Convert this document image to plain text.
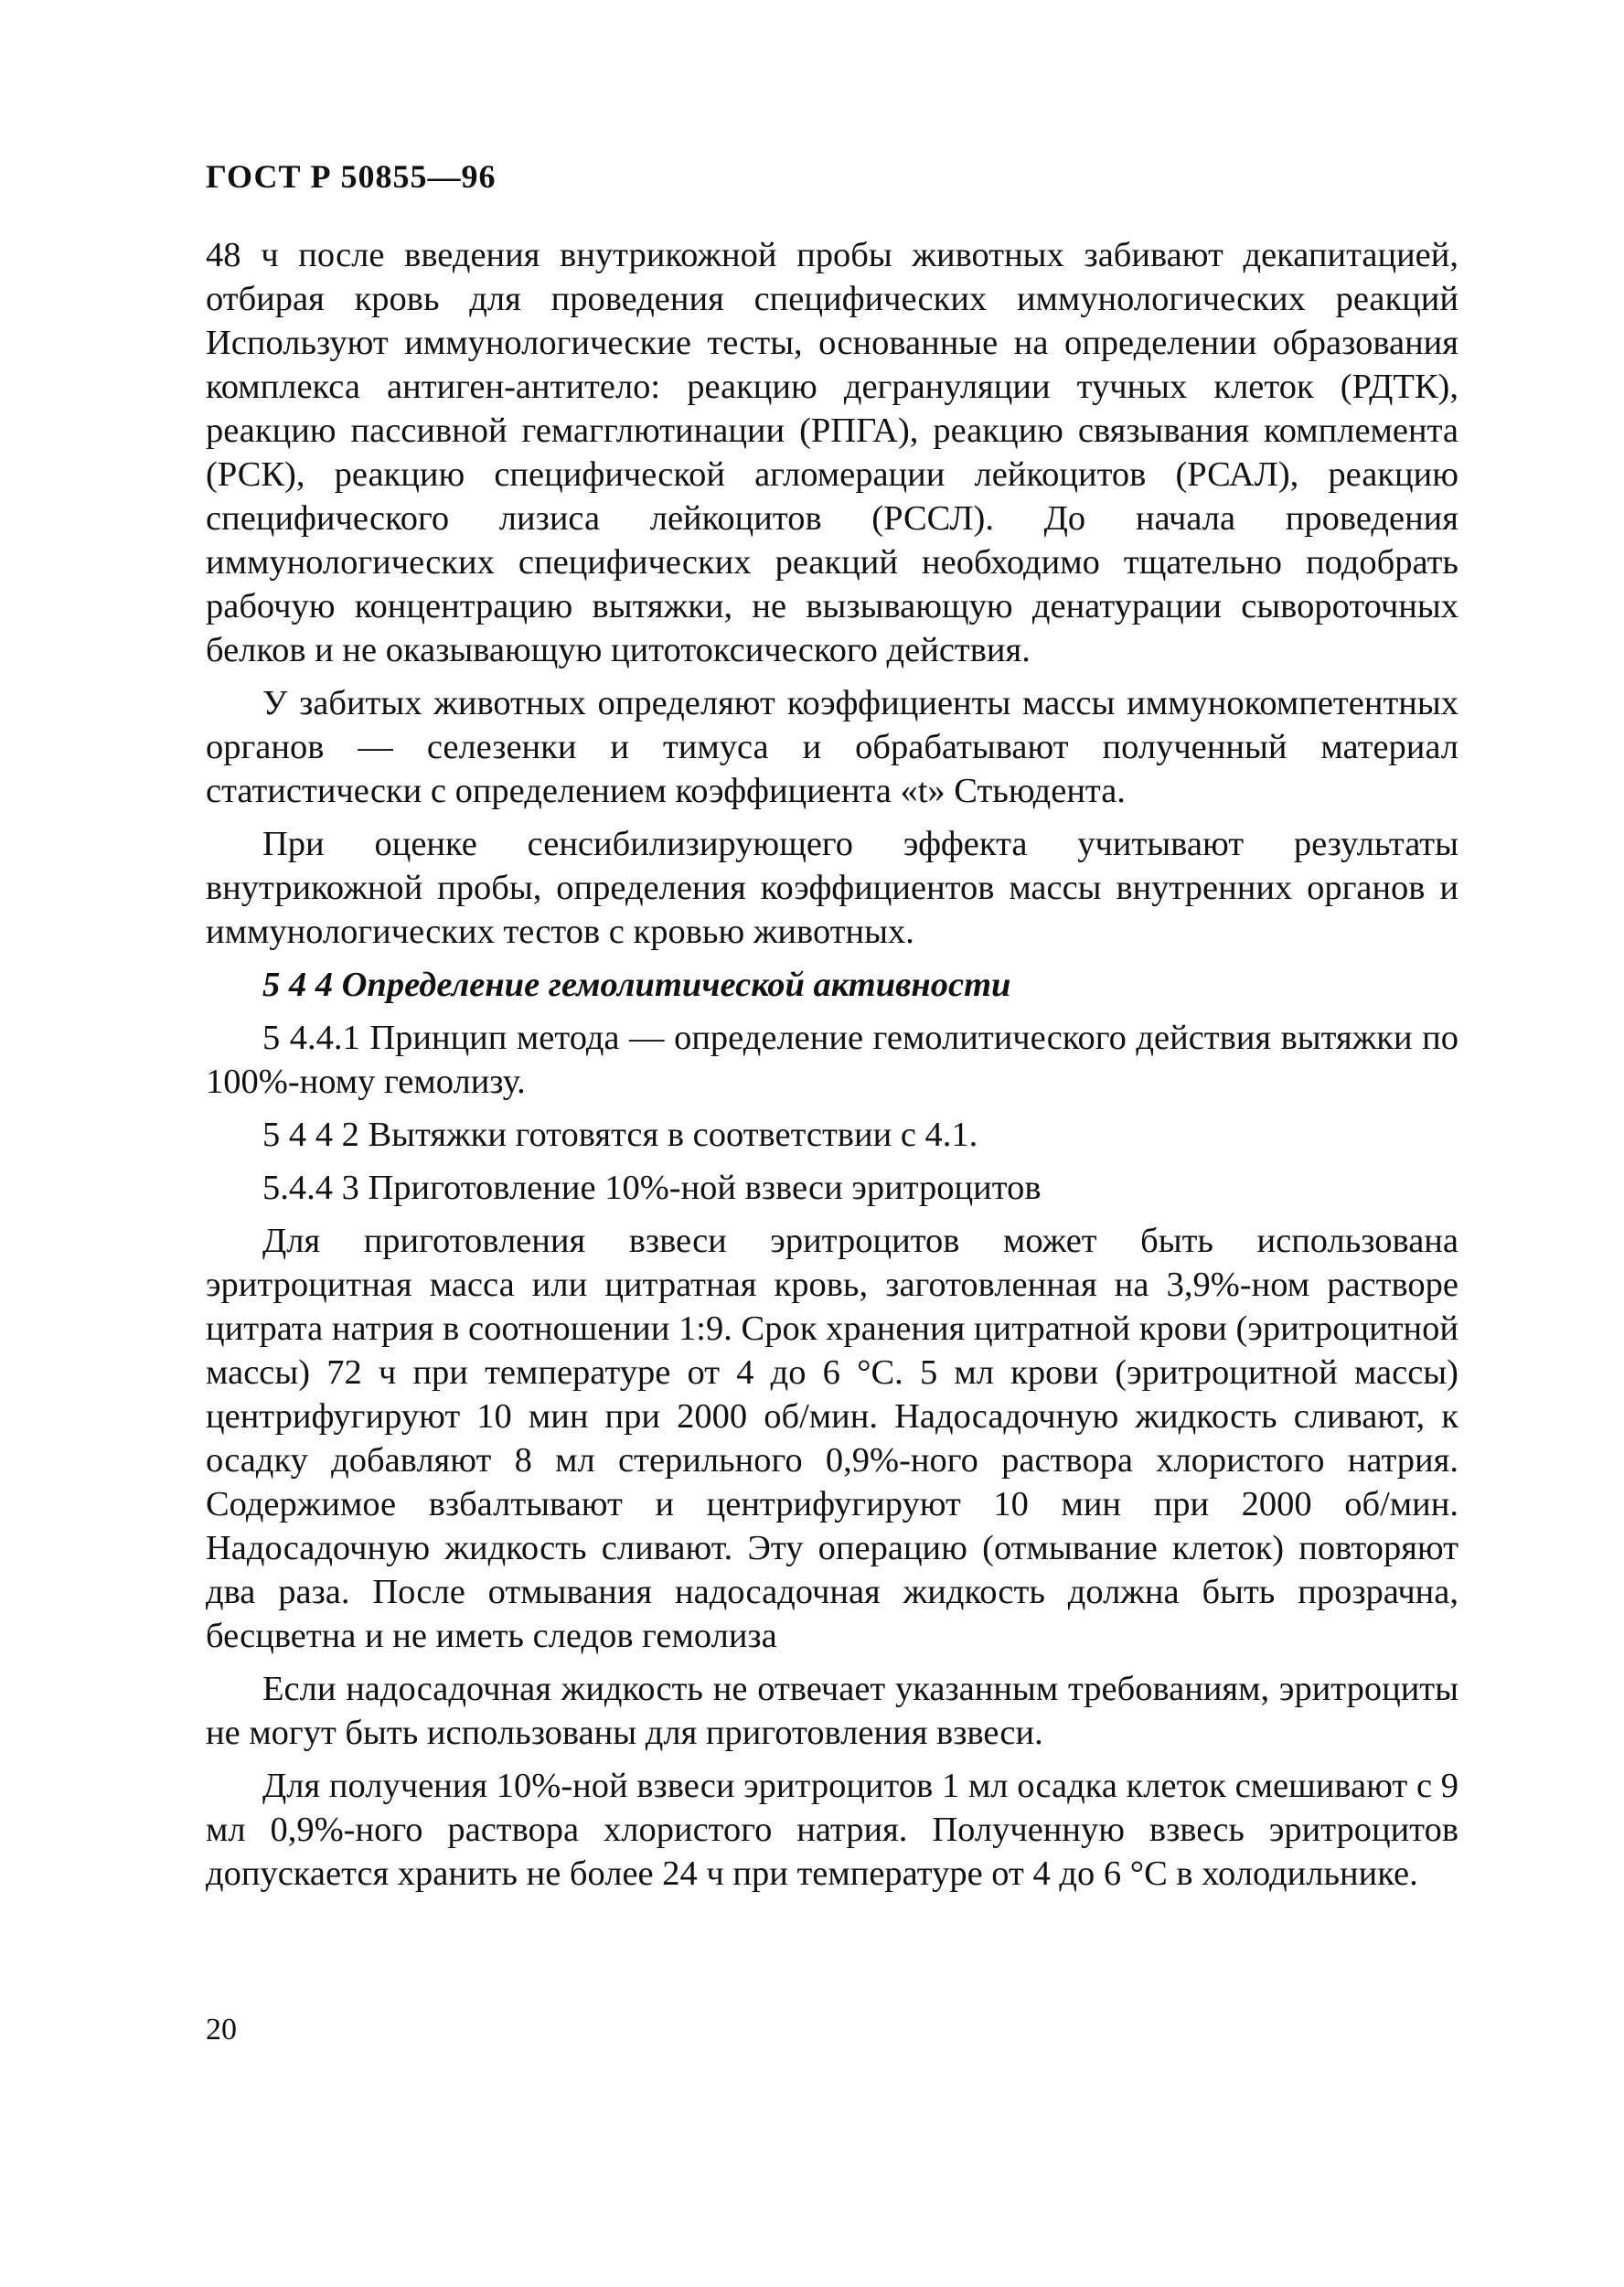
ГОСТ Р 50855—96

48 ч после введения внутрикожной пробы животных забивают декапитацией, отбирая кровь для проведения специфических иммунологических реакций Используют иммунологические тесты, основанные на определении образования комплекса антиген-антитело: реакцию дегрануляции тучных клеток (РДТК), реакцию пассивной гемагглютинации (РПГА), реакцию связывания комплемента (РСК), реакцию специфической агломерации лейкоцитов (РСАЛ), реакцию специфического лизиса лейкоцитов (РССЛ). До начала проведения иммунологических специфических реакций необходимо тщательно подобрать рабочую концентрацию вытяжки, не вызывающую денатурации сывороточных белков и не оказывающую цитотоксического действия.

У забитых животных определяют коэффициенты массы иммунокомпетентных органов — селезенки и тимуса и обрабатывают полученный материал статистически с определением коэффициента «t» Стьюдента.

При оценке сенсибилизирующего эффекта учитывают результаты внутрикожной пробы, определения коэффициентов массы внутренних органов и иммунологических тестов с кровью животных.

5 4 4 Определение гемолитической активности

5 4.4.1 Принцип метода — определение гемолитического действия вытяжки по 100%-ному гемолизу.

5 4 4 2 Вытяжки готовятся в соответствии с 4.1.

5.4.4 3 Приготовление 10%-ной взвеси эритроцитов

Для приготовления взвеси эритроцитов может быть использована эритроцитная масса или цитратная кровь, заготовленная на 3,9%-ном растворе цитрата натрия в соотношении 1:9. Срок хранения цитратной крови (эритроцитной массы) 72 ч при температуре от 4 до 6 °С. 5 мл крови (эритроцитной массы) центрифугируют 10 мин при 2000 об/мин. Надосадочную жидкость сливают, к осадку добавляют 8 мл стерильного 0,9%-ного раствора хлористого натрия. Содержимое взбалтывают и центрифугируют 10 мин при 2000 об/мин. Надосадочную жидкость сливают. Эту операцию (отмывание клеток) повторяют два раза. После отмывания надосадочная жидкость должна быть прозрачна, бесцветна и не иметь следов гемолиза

Если надосадочная жидкость не отвечает указанным требованиям, эритроциты не могут быть использованы для приготовления взвеси.

Для получения 10%-ной взвеси эритроцитов 1 мл осадка клеток смешивают с 9 мл 0,9%-ного раствора хлористого натрия. Полученную взвесь эритроцитов допускается хранить не более 24 ч при температуре от 4 до 6 °С в холодильнике.

20
